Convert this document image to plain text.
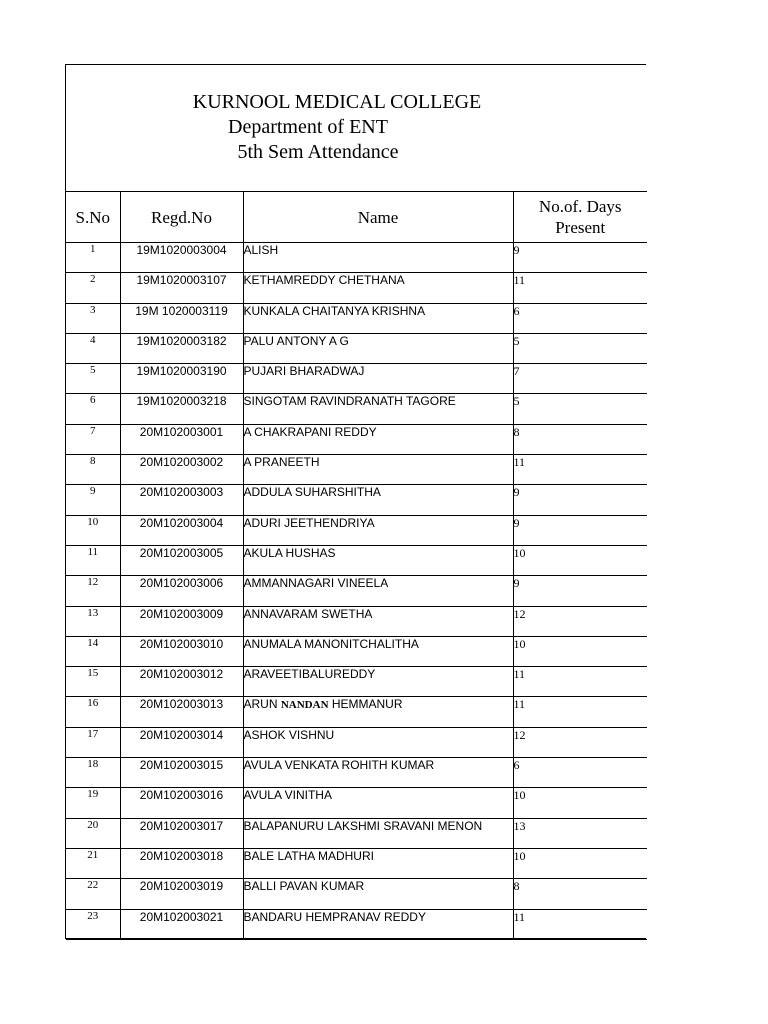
KURNOOL MEDICAL COLLEGE
Department of ENT
5th Sem Attendance
S.No	Regd.No	Name	No.of. Days
Present
1	19M1020003004	ALISH	9
2	19M1020003107	KETHAMREDDY CHETHANA	11
3	19M 1020003119	KUNKALA CHAITANYA KRISHNA	6
4	19M1020003182	PALU ANTONY A G	5
5	19M1020003190	PUJARI BHARADWAJ	7
6	19M1020003218	SINGOTAM RAVINDRANATH TAGORE	5
7	20M102003001	A CHAKRAPANI REDDY	8
8	20M102003002	A PRANEETH	11
9	20M102003003	ADDULA SUHARSHITHA	9
10	20M102003004	ADURI JEETHENDRIYA	9
11	20M102003005	AKULA HUSHAS	10
12	20M102003006	AMMANNAGARI VINEELA	9
13	20M102003009	ANNAVARAM SWETHA	12
14	20M102003010	ANUMALA MANONITCHALITHA	10
15	20M102003012	ARAVEETIBALUREDDY	11
16	20M102003013	ARUN NANDAN HEMMANUR	11
17	20M102003014	ASHOK VISHNU	12
18	20M102003015	AVULA VENKATA ROHITH KUMAR	6
19	20M102003016	AVULA VINITHA	10
20	20M102003017	BALAPANURU LAKSHMI SRAVANI MENON	13
21	20M102003018	BALE LATHA MADHURI	10
22	20M102003019	BALLI PAVAN KUMAR	8
23	20M102003021	BANDARU HEMPRANAV REDDY	11
